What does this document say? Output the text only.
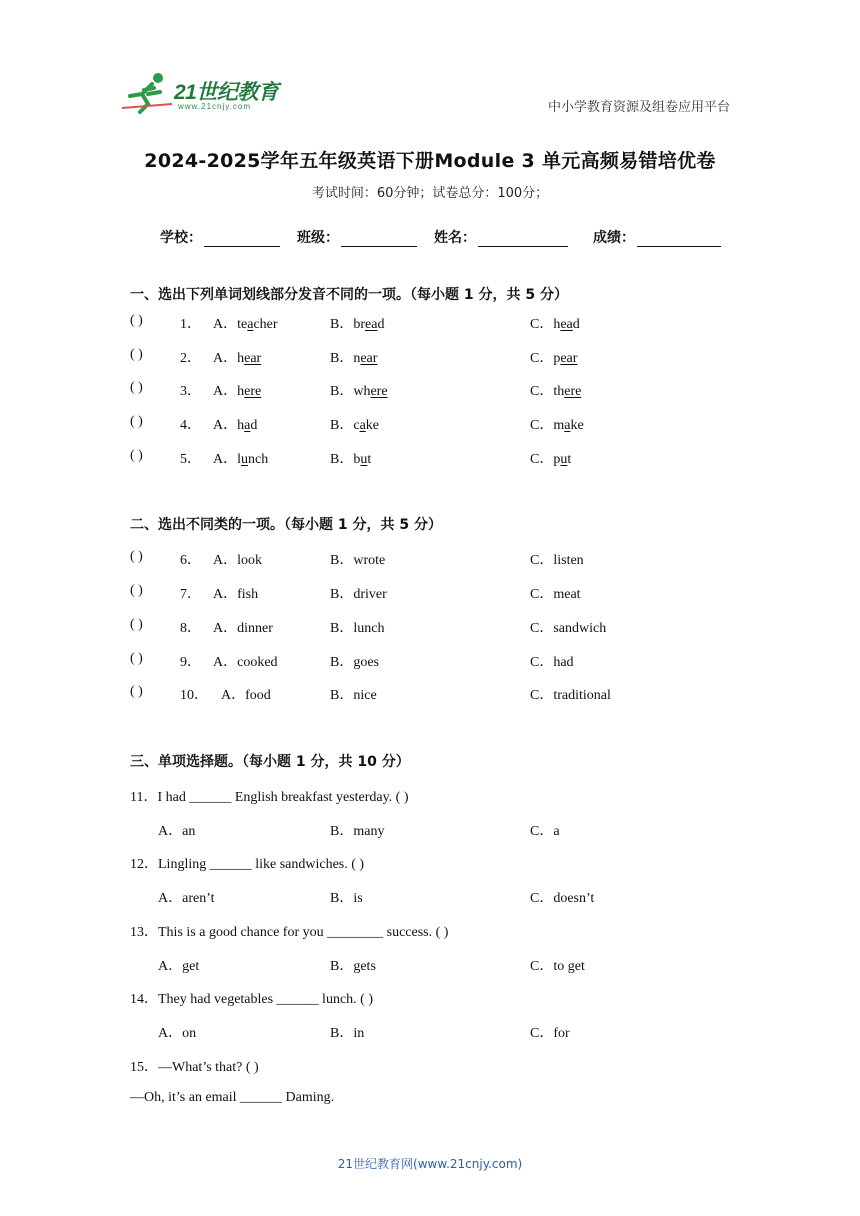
21世纪教育
www.21cnjy.com	中小学教育资源及组卷应用平台
2024-2025学年五年级英语下册Module 3 单元高频易错培优卷
考试时间：60分钟；试卷总分：100分；
学校：	班级：	姓名：	成绩：
一、选出下列单词划线部分发音不同的一项。（每小题 1 分，共 5 分）
( )	1． A．teacher	B．bread	C．head
( )	2． A．hear	B．near	C．pear
( )	3． A．here	B．where	C．there
( )	4． A．had	B．cake	C．make
( )	5． A．lunch	B．but	C．put
二、选出不同类的一项。（每小题 1 分，共 5 分）
( )	6． A．look	B．wrote	C．listen
( )	7． A．fish	B．driver	C．meat
( )	8． A．dinner	B．lunch	C．sandwich
( )	9． A．cooked	B．goes	C．had
( )	10． A．food	B．nice	C．traditional
三、单项选择题。（每小题 1 分，共 10 分）
11．I had ______ English breakfast yesterday. ( )
A．an	B．many	C．a
12．Lingling ______ like sandwiches. ( )
A．aren’t	B．is	C．doesn’t
13．This is a good chance for you ________ success. ( )
A．get	B．gets	C．to get
14．They had vegetables ______ lunch. ( )
A．on	B．in	C．for
15．—What’s that? ( )
—Oh, it’s an email ______ Daming.
21世纪教育网(www.21cnjy.com)
